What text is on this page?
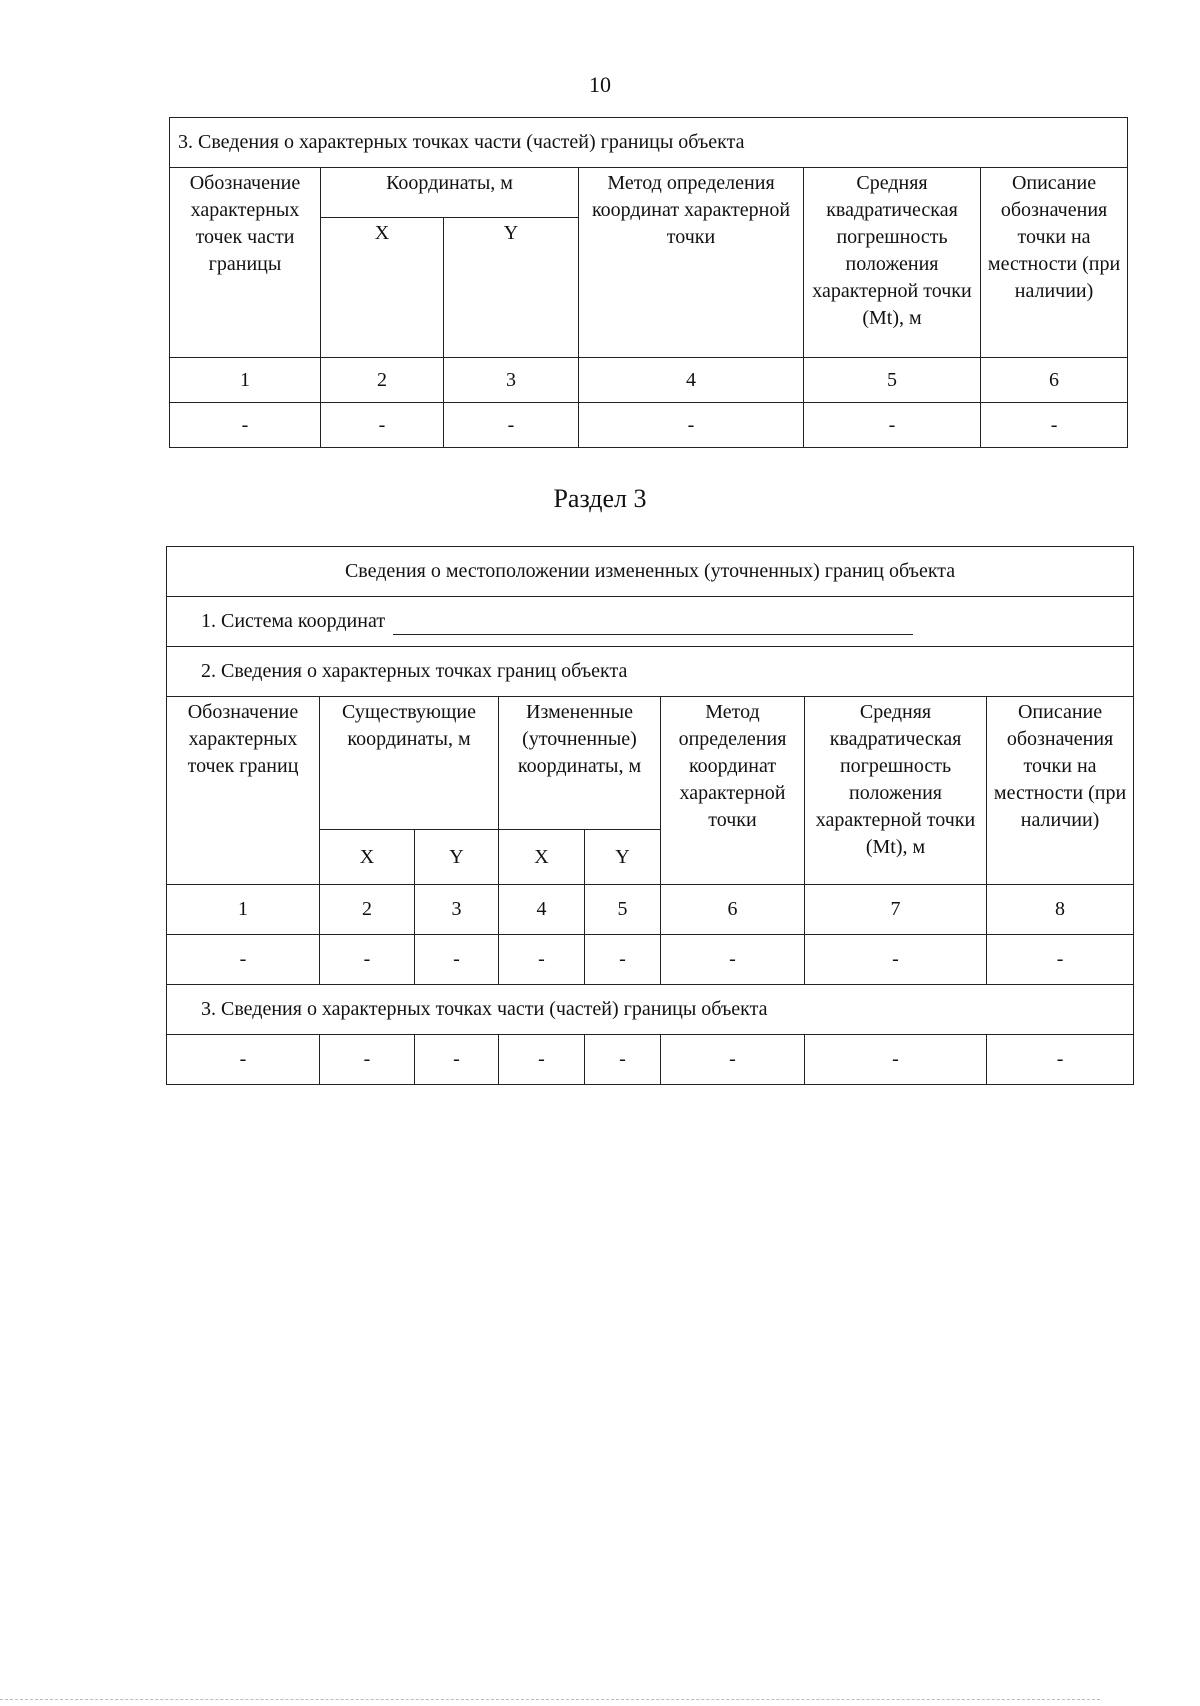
10
3. Сведения о характерных точках части (частей) границы объекта					
Обозначение характерных точек части границы	Координаты, м		Метод определения координат характерной точки	Средняя квадратическая погрешность положения характерной точки (Mt), м	Описание обозначения точки на местности (при наличии)
	X	Y			
1	2	3	4	5	6
-	-	-	-	-	-
Раздел 3
Сведения о местоположении измененных (уточненных) границ объекта							
1. Система координат							
2. Сведения о характерных точках границ объекта							
Обозначение характерных точек границ	Существующие координаты, м		Измененные (уточненные) координаты, м		Метод определения координат характерной точки	Средняя квадратическая погрешность положения характерной точки (Mt), м	Описание обозначения точки на местности (при наличии)
	X	Y	X	Y			
1	2	3	4	5	6	7	8
-	-	-	-	-	-	-	-
3. Сведения о характерных точках части (частей) границы объекта							
-	-	-	-	-	-	-	-
